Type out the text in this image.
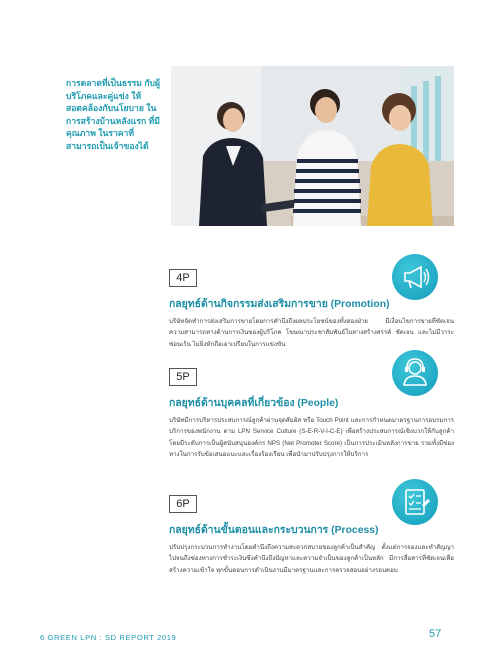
การตลาดที่เป็นธรรม กับผู้บริโภคและคู่แข่ง ให้สอดคล้องกับนโยบาย ในการสร้างบ้านหลังแรก ที่มีคุณภาพ ในราคาที่ สามารถเป็นเจ้าของได้
4P
กลยุทธ์ด้านกิจกรรมส่งเสริมการขาย (Promotion)
บริษัทจัดทำการส่งเสริมการขายโดยการคำนึงถึงผลประโยชน์ของทั้งสองฝ่าย มีเงื่อนไขการขายที่ชัดเจน ความสามารถทางด้านการเงินของผู้บริโภค โฆษณาประชาสัมพันธ์ในทางสร้างสรรค์ ชัดเจน และไม่มีวาระซ่อนเร้น ไม่ยิ่งหักถือเอาเปรียบในการแข่งขัน
5P
กลยุทธ์ด้านบุคคลที่เกี่ยวข้อง (People)
บริษัทมีการบริหารประสบการณ์ลูกค้าผ่านจุดสัมผัส หรือ Touch Point และการกำหนดมาตรฐานการอบรมการบริการของพนักงาน ตาม LPN Service Culture (S-E-R-V-I-C-E) เพื่อสร้างประสบการณ์เชิงบวกให้กับลูกค้า โดยมีระดับการเป็นผู้สนับสนุนองค์กร NPS (Net Promoter Score) เป็นการประเมินหลังการขาย รวมทั้งมีช่องทางในการรับข้อเสนอแนะและเรื่องร้องเรียน เพื่อนำมาปรับปรุงการให้บริการ
6P
กลยุทธ์ด้านขั้นตอนและกระบวนการ (Process)
ปรับปรุงกระบวนการทำงานโดยคำนึงถึงความสะดวกสบายของลูกค้าเป็นสำคัญ ตั้งแต่การจองและทำสัญญา ไปจนถึงช่องทางการชำระเงินซึ่งคำนึงถึงปัญหาและความจำเป็นของลูกค้าเป็นหลัก มีการสื่อสารที่ชัดเจนเพื่อสร้างความเข้าใจ ทุกขั้นตอนการดำเนินงานมีมาตรฐานและการตรวจสอบอย่างรอบคอบ
6 GREEN LPN : SD REPORT 2019	57
